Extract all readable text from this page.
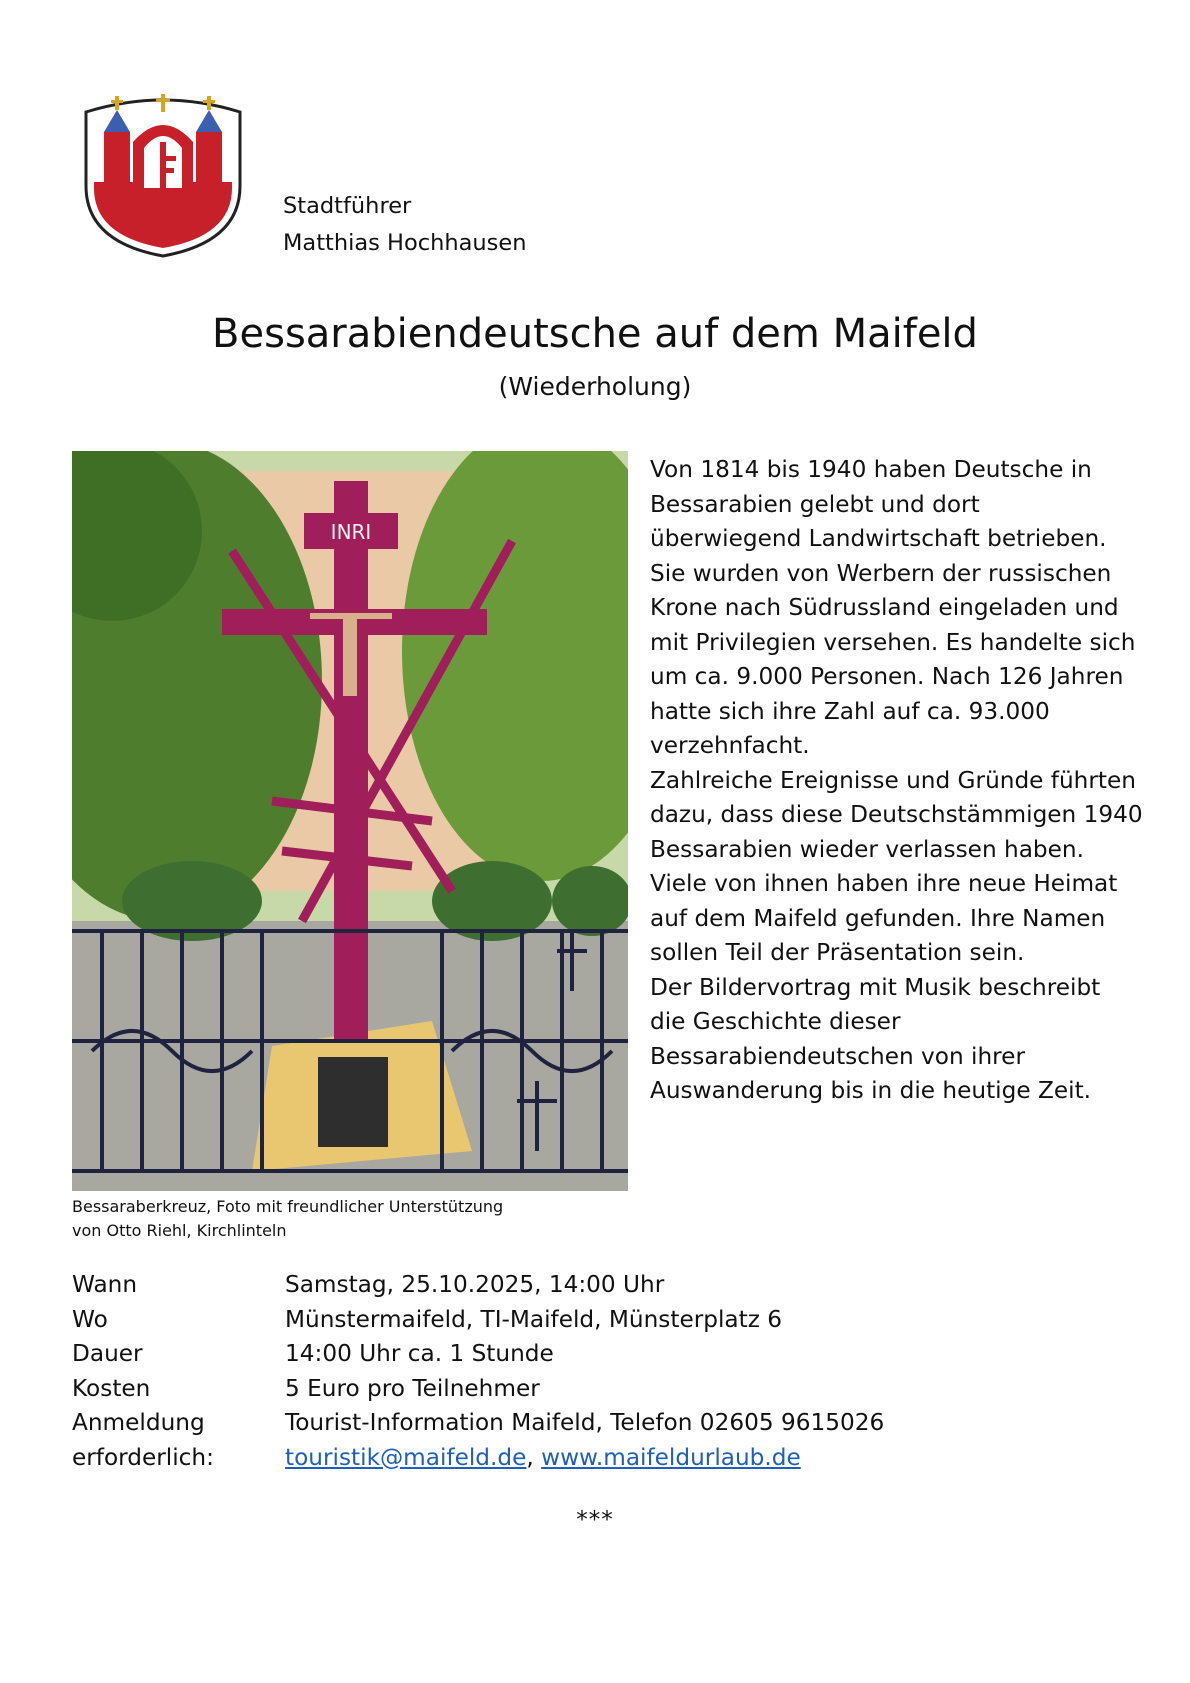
Stadtführer
Matthias Hochhausen
Bessarabiendeutsche auf dem Maifeld
(Wiederholung)
INRI
Bessaraberkreuz, Foto mit freundlicher Unterstützung
von Otto Riehl, Kirchlinteln
Von 1814 bis 1940 haben Deutsche in
Bessarabien gelebt und dort
überwiegend Landwirtschaft betrieben.
Sie wurden von Werbern der russischen
Krone nach Südrussland eingeladen und
mit Privilegien versehen. Es handelte sich
um ca. 9.000 Personen. Nach 126 Jahren
hatte sich ihre Zahl auf ca. 93.000
verzehnfacht.
Zahlreiche Ereignisse und Gründe führten
dazu, dass diese Deutschstämmigen 1940
Bessarabien wieder verlassen haben.
Viele von ihnen haben ihre neue Heimat
auf dem Maifeld gefunden. Ihre Namen
sollen Teil der Präsentation sein.
Der Bildervortrag mit Musik beschreibt
die Geschichte dieser
Bessarabiendeutschen von ihrer
Auswanderung bis in die heutige Zeit.
Wann	Samstag, 25.10.2025, 14:00 Uhr
Wo	Münstermaifeld, TI-Maifeld, Münsterplatz 6
Dauer	14:00 Uhr ca. 1 Stunde
Kosten	5 Euro pro Teilnehmer
Anmeldung	Tourist-Information Maifeld, Telefon 02605 9615026
erforderlich:	touristik@maifeld.de, www.maifeldurlaub.de
***
